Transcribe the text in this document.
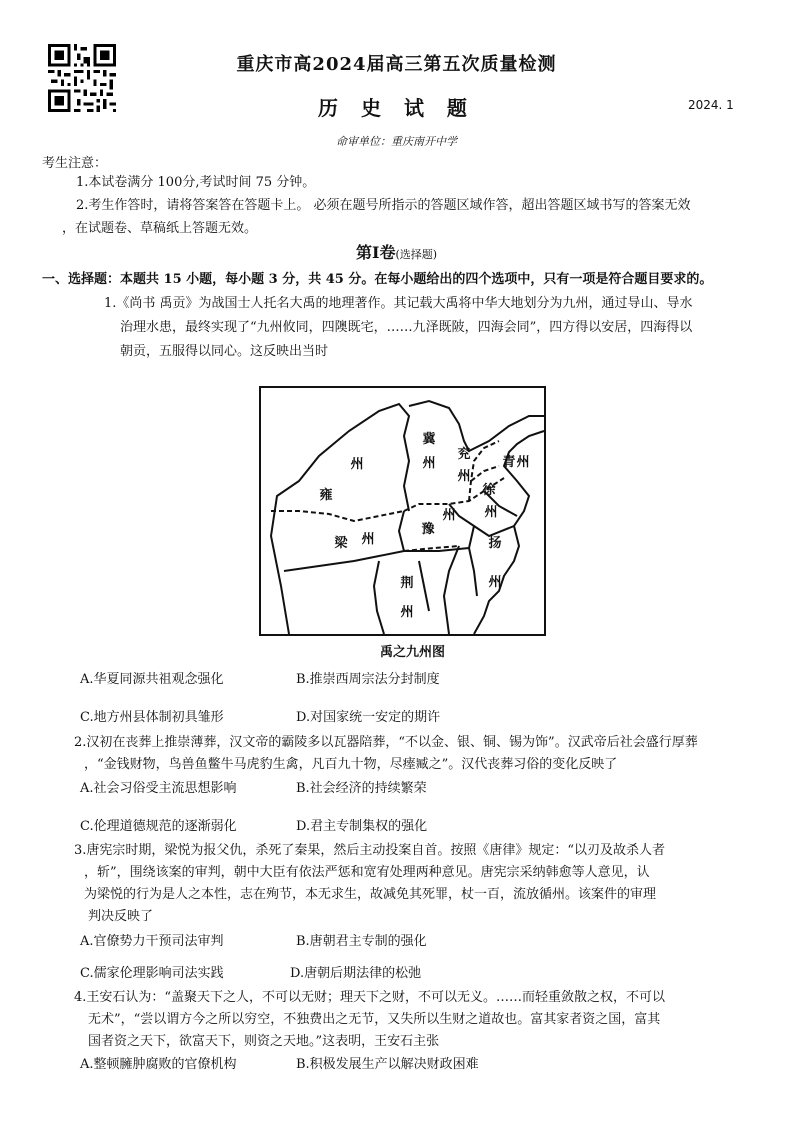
重庆市高2024届高三第五次质量检测
历 史 试 题	2024. 1
命审单位：重庆南开中学
考生注意：
1.本试卷满分 100分,考试时间 75 分钟。
2.考生作答时，请将答案答在答题卡上。 必须在题号所指示的答题区域作答，超出答题区域书写的答案无效
，在试题卷、草稿纸上答题无效。
第Ⅰ卷(选择题)
一、选择题：本题共 15 小题，每小题 3 分，共 45 分。在每小题给出的四个选项中，只有一项是符合题目要求的。
1.《尚书 禹贡》为战国士人托名大禹的地理著作。其记载大禹将中华大地划分为九州，通过导山、导水
治理水患，最终实现了“九州攸同，四隩既宅，……九泽既陂，四海会同”，四方得以安居，四海得以
朝贡，五服得以同心。这反映出当时
冀
州
兖
州
青 州
雍
州
徐
州
豫
州
梁 州	扬
州
荆
州
禹之九州图
A.华夏同源共祖观念强化	B.推崇西周宗法分封制度
C.地方州县体制初具雏形	D.对国家统一安定的期许
2.汉初在丧葬上推崇薄葬，汉文帝的霸陵多以瓦器陪葬，“不以金、银、铜、锡为饰”。汉武帝后社会盛行厚葬
，“金钱财物，鸟兽鱼鳖牛马虎豹生禽，凡百九十物，尽瘗臧之”。汉代丧葬习俗的变化反映了
A.社会习俗受主流思想影响	B.社会经济的持续繁荣
C.伦理道德规范的逐渐弱化	D.君主专制集权的强化
3.唐宪宗时期，梁悦为报父仇，杀死了秦果，然后主动投案自首。按照《唐律》规定：“以刃及故杀人者
，斩”，围绕该案的审判，朝中大臣有依法严惩和宽宥处理两种意见。唐宪宗采纳韩愈等人意见，认
为梁悦的行为是人之本性，志在殉节，本无求生，故减免其死罪，杖一百，流放循州。该案件的审理
判决反映了
A.官僚势力干预司法审判	B.唐朝君主专制的强化
C.儒家伦理影响司法实践	D.唐朝后期法律的松弛
4.王安石认为：“盖聚天下之人，不可以无财；理天下之财，不可以无义。……而轻重敛散之权，不可以
无术”，“尝以谓方今之所以穷空，不独费出之无节，又失所以生财之道故也。富其家者资之国，富其
国者资之天下，欲富天下，则资之天地。”这表明，王安石主张
A.整顿臃肿腐败的官僚机构	B.积极发展生产以解决财政困难
